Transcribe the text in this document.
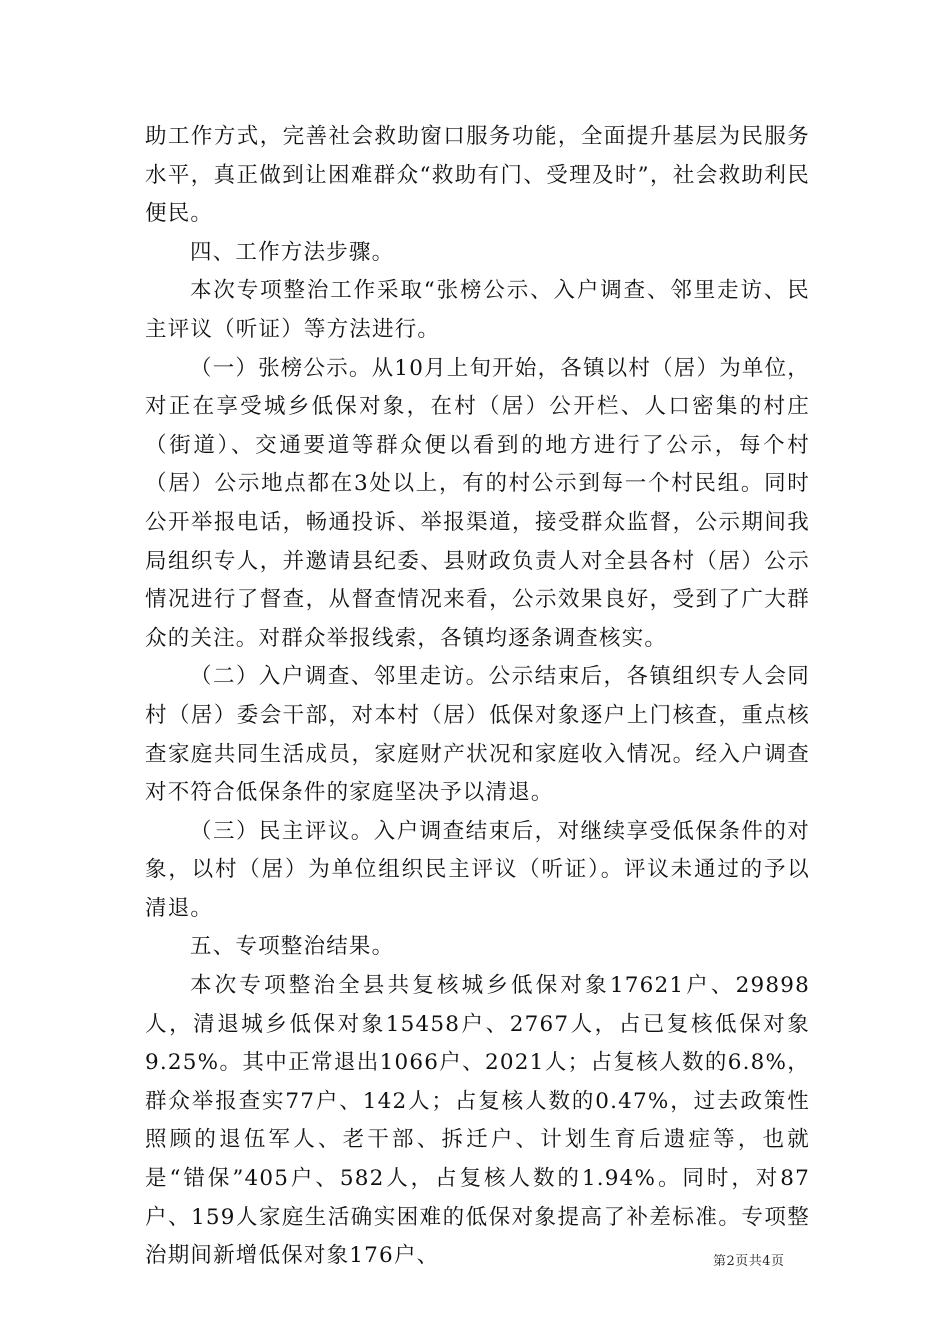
助工作方式，完善社会救助窗口服务功能，全面提升基层为民服务水平，真正做到让困难群众“救助有门、受理及时”，社会救助利民便民。

四、工作方法步骤。

本次专项整治工作采取“张榜公示、入户调查、邻里走访、民主评议（听证）等方法进行。

（一）张榜公示。从10月上旬开始，各镇以村（居）为单位，对正在享受城乡低保对象，在村（居）公开栏、人口密集的村庄（街道）、交通要道等群众便以看到的地方进行了公示，每个村（居）公示地点都在3处以上，有的村公示到每一个村民组。同时公开举报电话，畅通投诉、举报渠道，接受群众监督，公示期间我局组织专人，并邀请县纪委、县财政负责人对全县各村（居）公示情况进行了督查，从督查情况来看，公示效果良好，受到了广大群众的关注。对群众举报线索，各镇均逐条调查核实。

（二）入户调查、邻里走访。公示结束后，各镇组织专人会同村（居）委会干部，对本村（居）低保对象逐户上门核查，重点核查家庭共同生活成员，家庭财产状况和家庭收入情况。经入户调查对不符合低保条件的家庭坚决予以清退。

（三）民主评议。入户调查结束后，对继续享受低保条件的对象，以村（居）为单位组织民主评议（听证）。评议未通过的予以清退。

五、专项整治结果。

本次专项整治全县共复核城乡低保对象17621户、29898人，清退城乡低保对象15458户、2767人，占已复核低保对象9.25%。其中正常退出1066户、2021人；占复核人数的6.8%，群众举报查实77户、142人；占复核人数的0.47%，过去政策性照顾的退伍军人、老干部、拆迁户、计划生育后遗症等，也就是“错保”405户、582人，占复核人数的1.94%。同时，对87户、159人家庭生活确实困难的低保对象提高了补差标准。专项整治期间新增低保对象176户、	第2页共4页
